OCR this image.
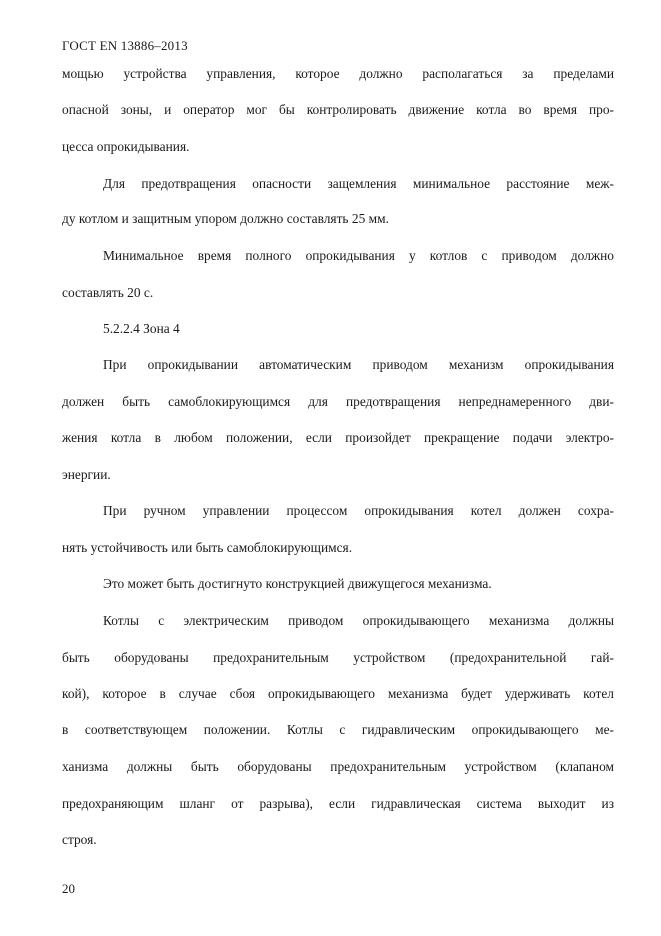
ГОСТ EN 13886–2013
мощью устройства управления, которое должно располагаться за пределами
опасной зоны, и оператор мог бы контролировать движение котла во время про-
цесса опрокидывания.
Для предотвращения опасности защемления минимальное расстояние меж-
ду котлом и защитным упором должно составлять 25 мм.
Минимальное время полного опрокидывания у котлов с приводом должно
составлять 20 с.
5.2.2.4 Зона 4
При опрокидывании автоматическим приводом механизм опрокидывания
должен быть самоблокирующимся для предотвращения непреднамеренного дви-
жения котла в любом положении, если произойдет прекращение подачи электро-
энергии.
При ручном управлении процессом опрокидывания котел должен сохра-
нять устойчивость или быть самоблокирующимся.
Это может быть достигнуто конструкцией движущегося механизма.
Котлы с электрическим приводом опрокидывающего механизма должны
быть оборудованы предохранительным устройством (предохранительной гай-
кой), которое в случае сбоя опрокидывающего механизма будет удерживать котел
в соответствующем положении. Котлы с гидравлическим опрокидывающего ме-
ханизма должны быть оборудованы предохранительным устройством (клапаном
предохраняющим шланг от разрыва), если гидравлическая система выходит из
строя.
20
